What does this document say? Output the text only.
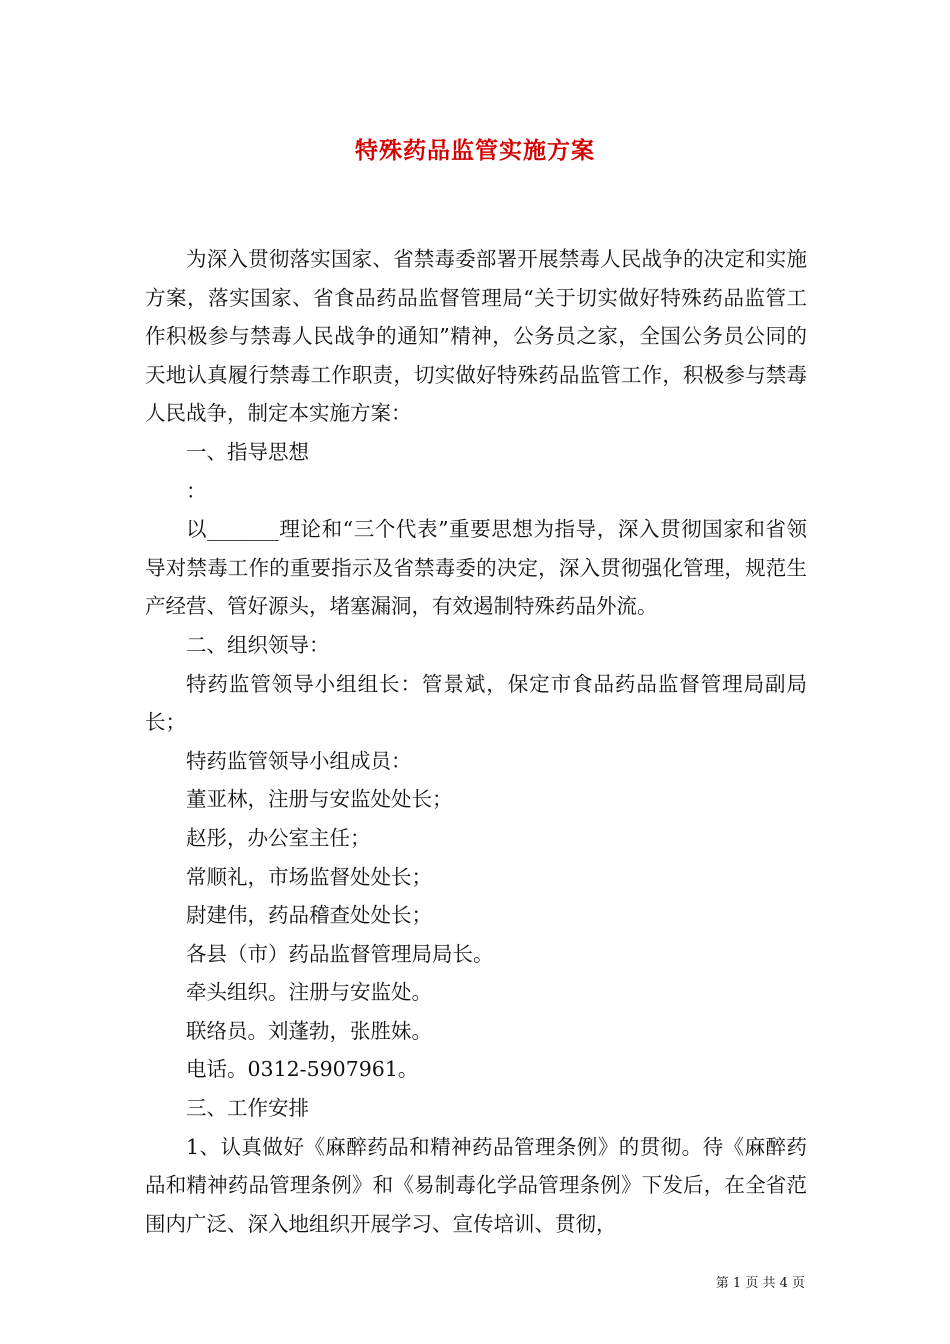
特殊药品监管实施方案

为深入贯彻落实国家、省禁毒委部署开展禁毒人民战争的决定和实施方案，落实国家、省食品药品监督管理局“关于切实做好特殊药品监管工作积极参与禁毒人民战争的通知”精神，公务员之家，全国公务员公同的天地认真履行禁毒工作职责，切实做好特殊药品监管工作，积极参与禁毒人民战争，制定本实施方案：

一、指导思想

：

以_______理论和“三个代表”重要思想为指导，深入贯彻国家和省领导对禁毒工作的重要指示及省禁毒委的决定，深入贯彻强化管理，规范生产经营、管好源头，堵塞漏洞，有效遏制特殊药品外流。

二、组织领导：

特药监管领导小组组长：管景斌，保定市食品药品监督管理局副局长；

特药监管领导小组成员：

董亚林，注册与安监处处长；

赵彤，办公室主任；

常顺礼，市场监督处处长；

尉建伟，药品稽查处处长；

各县（市）药品监督管理局局长。

牵头组织。注册与安监处。

联络员。刘蓬勃，张胜妹。

电话。0312-5907961。

三、工作安排

1、认真做好《麻醉药品和精神药品管理条例》的贯彻。待《麻醉药品和精神药品管理条例》和《易制毒化学品管理条例》下发后，在全省范围内广泛、深入地组织开展学习、宣传培训、贯彻，

第 1 页 共 4 页
